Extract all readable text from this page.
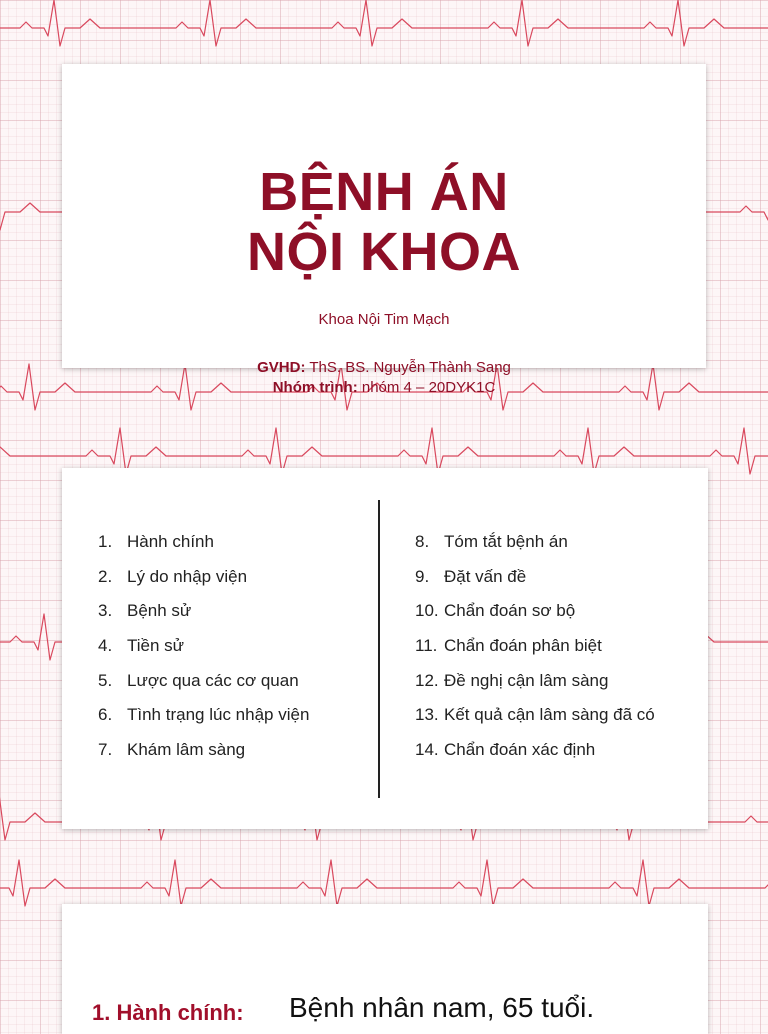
BỆNH ÁN
NỘI KHOA
Khoa Nội Tim Mạch
GVHD: ThS. BS. Nguyễn Thành Sang
Nhóm trình: nhóm 4 – 20DYK1C
1. Hành chính
2. Lý do nhập viện
3. Bệnh sử
4. Tiền sử
5. Lược qua các cơ quan
6. Tình trạng lúc nhập viện
7. Khám lâm sàng
8. Tóm tắt bệnh án
9. Đặt vấn đề
10. Chẩn đoán sơ bộ
11. Chẩn đoán phân biệt
12. Đề nghị cận lâm sàng
13. Kết quả cận lâm sàng đã có
14. Chẩn đoán xác định
1. Hành chính: Bệnh nhân nam, 65 tuổi.
